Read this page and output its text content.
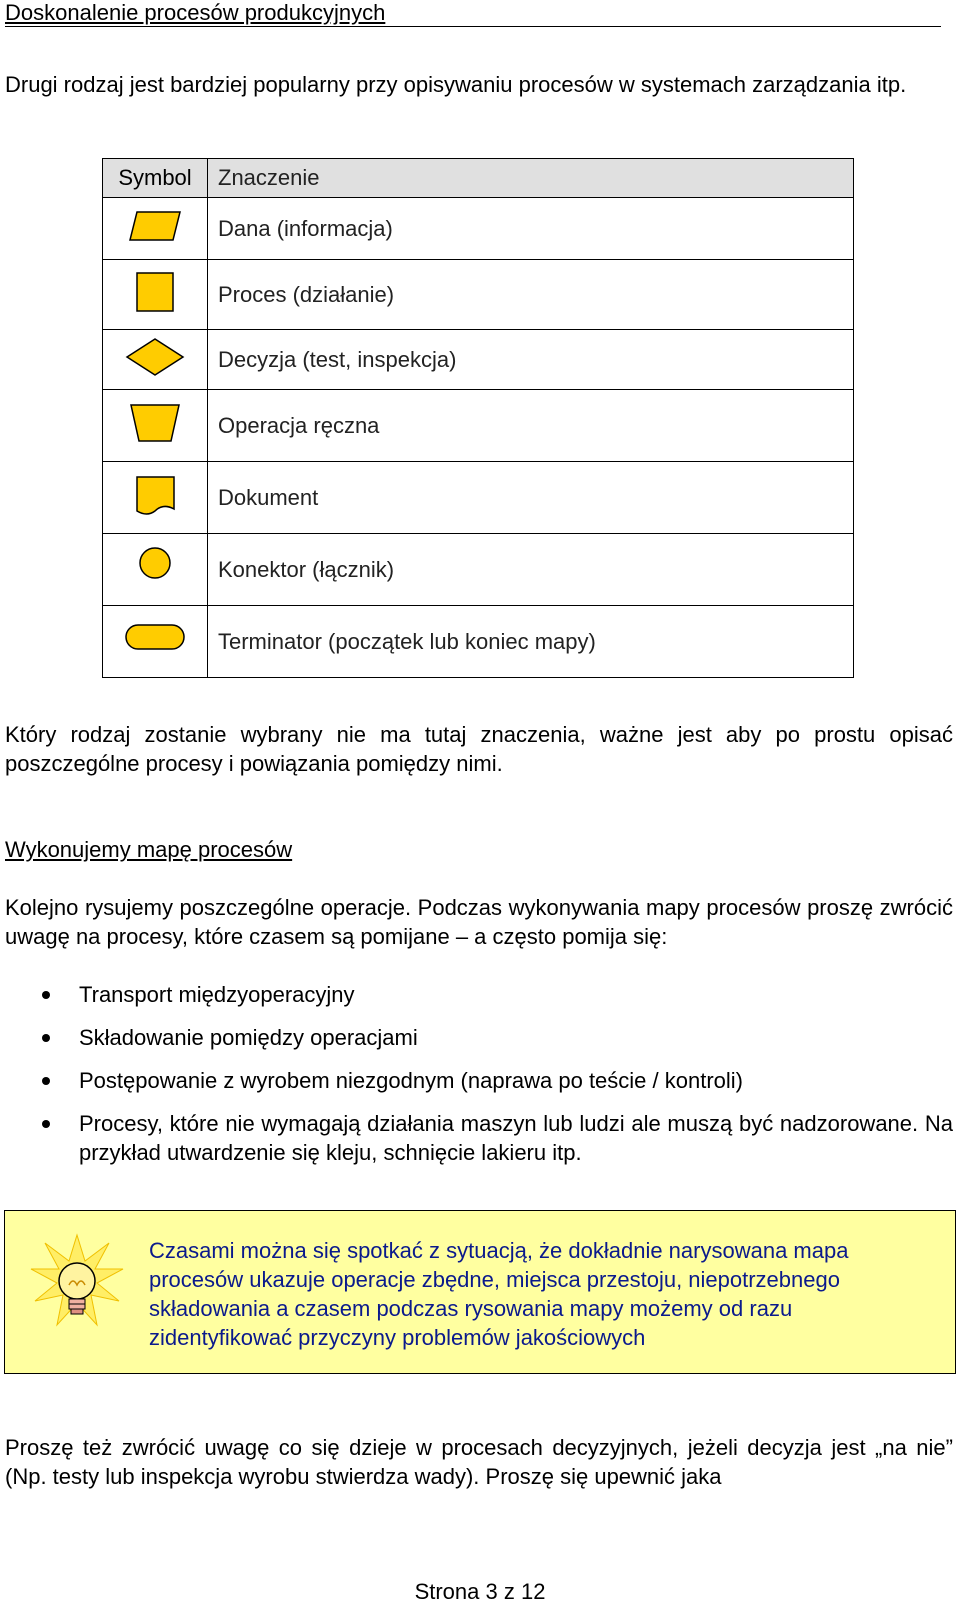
Doskonalenie procesów produkcyjnych
Drugi rodzaj jest bardziej popularny przy opisywaniu procesów w systemach zarządzania itp.
Symbol	Znaczenie
	Dana (informacja)
	Proces (działanie)
	Decyzja (test, inspekcja)
	Operacja ręczna
	Dokument
	Konektor (łącznik)
	Terminator (początek lub koniec mapy)
Który rodzaj zostanie wybrany nie ma tutaj znaczenia, ważne jest aby po prostu opisać poszczególne procesy i powiązania pomiędzy nimi.
Wykonujemy mapę procesów
Kolejno rysujemy poszczególne operacje. Podczas wykonywania mapy procesów proszę zwrócić uwagę na procesy, które czasem są pomijane – a często pomija się:
Transport międzyoperacyjny
Składowanie pomiędzy operacjami
Postępowanie z wyrobem niezgodnym (naprawa po teście / kontroli)
Procesy, które nie wymagają działania maszyn lub ludzi ale muszą być nadzorowane. Na przykład utwardzenie się kleju, schnięcie lakieru itp.
Czasami można się spotkać z sytuacją, że dokładnie narysowana mapa procesów ukazuje operacje zbędne, miejsca przestoju, niepotrzebnego składowania a czasem podczas rysowania mapy możemy od razu zidentyfikować przyczyny problemów jakościowych
Proszę też zwrócić uwagę co się dzieje w procesach decyzyjnych, jeżeli decyzja jest „na nie” (Np. testy lub inspekcja wyrobu stwierdza wady). Proszę się upewnić jaka
Strona 3 z 12
